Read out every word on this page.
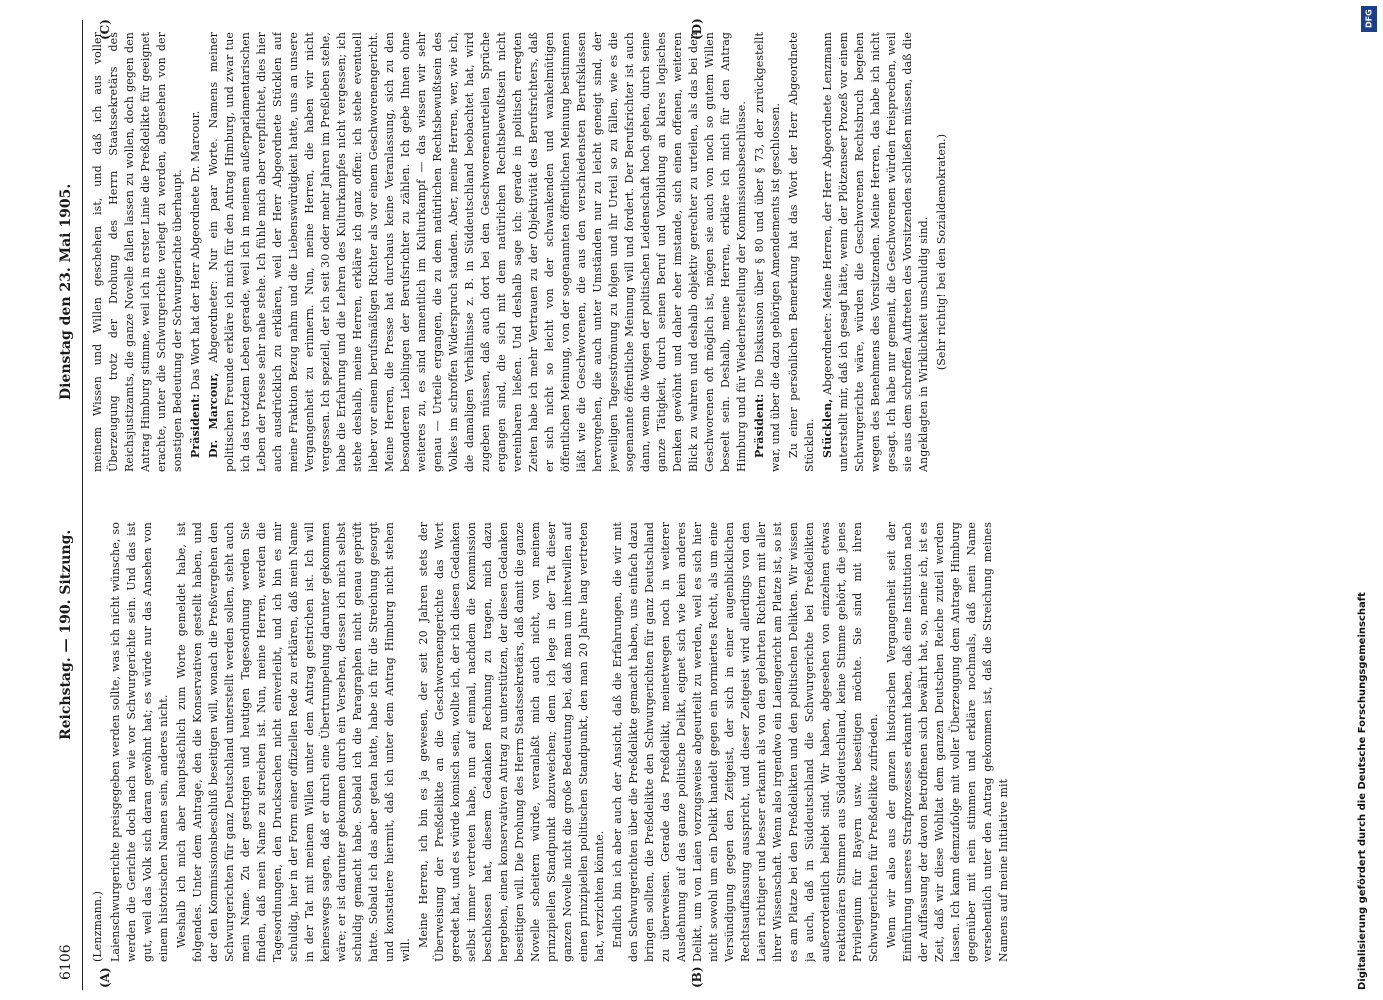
6106
Reichstag. — 190. Sitzung.
Dienstag den 23. Mai 1905.
(A)	(B)
(C)	(D)

(Lenzmann.) Laienschwurgerichte preisgegeben werden sollte, was ich nicht wünsche, so werden die Gerichte doch nach wie vor Schwurgerichte sein. Und das ist gut, weil das Volk sich daran gewöhnt hat; es würde nur das Ansehen von einem historischen Namen sein, anderes nicht. Weshalb ich mich aber hauptsächlich zum Worte gemeldet habe, ist folgendes. Unter dem Antrage, den die Konservativen gestellt haben, und der den Kommissionsbeschluß beseitigen will, wonach die Preßvergehen den Schwurgerichten für ganz Deutschland unterstellt werden sollen, steht auch mein Name. Zu der gestrigen und heutigen Tagesordnung werden Sie finden, daß mein Name zu streichen ist. Nun, meine Herren, werden die Tagesordnungen, den Drucksachen nicht einverleibt, und ich bin es mir schuldig, hier in der Form einer offiziellen Rede zu erklären, daß mein Name in der Tat mit meinem Willen unter dem Antrag gestrichen ist. Ich will keineswegs sagen, daß er durch eine Übertrumpelung darunter gekommen wäre; er ist darunter gekommen durch ein Versehen, dessen ich mich selbst schuldig gemacht habe. Sobald ich die Paragraphen nicht genau geprüft hatte. Sobald ich das aber getan hatte, habe ich für die Streichung gesorgt und konstatiere hiermit, daß ich unter dem Antrag Himburg nicht stehen will.

Meine Herren, ich bin es ja gewesen, der seit 20 Jahren stets der Überweisung der Preßdelikte an die Geschworenengerichte das Wort geredet hat, und es würde komisch sein, wollte ich, der ich diesen Gedanken selbst immer vertreten habe, nun auf einmal, nachdem die Kommission beschlossen hat, diesem Gedanken Rechnung zu tragen, mich dazu hergeben, einen konservativen Antrag zu unterstützen, der diesen Gedanken beseitigen will. Die Drohung des Herrn Staatssekretärs, daß damit die ganze Novelle scheitern würde, veranlaßt mich auch nicht, von meinem prinzipiellen Standpunkt abzuweichen; denn ich lege in der Tat dieser ganzen Novelle nicht die große Bedeutung bei, daß man um ihretwillen auf einen prinzipiellen politischen Standpunkt, den man 20 Jahre lang vertreten hat, verzichten könnte. Endlich bin ich aber auch der Ansicht, daß die Erfahrungen, die wir mit den Schwurgerichten über die Preßdelikte gemacht haben, uns einfach dazu bringen sollten, die Preßdelikte den Schwurgerichten für ganz Deutschland zu überweisen. Gerade das Preßdelikt, meinetwegen noch in weiterer Ausdehnung auf das ganze politische Delikt, eignet sich wie kein anderes Delikt, um von Laien vorzugsweise abgeurteilt zu werden, weil es sich hier nicht sowohl um ein Delikt handelt gegen ein normiertes Recht, als um eine Versündigung gegen den Zeitgeist, der sich in einer augenblicklichen Rechtsauffassung ausspricht, und dieser Zeitgeist wird allerdings von den Laien richtiger und besser erkannt als von den gelehrten Richtern mit aller ihrer Wissenschaft. Wenn also irgendwo ein Laiengericht am Platze ist, so ist es am Platze bei den Preßdelikten und den politischen Delikten. Wir wissen ja auch, daß in Süddeutschland die Schwurgerichte bei Preßdelikten außerordentlich beliebt sind. Wir haben, abgesehen von einzelnen etwas reaktionären Stimmen aus Süddeutschland, keine Stimme gehört, die jenes Privilegium für Bayern usw. beseitigen möchte. Sie sind mit ihren Schwurgerichten für Preßdelikte zufrieden. Wenn wir also aus der ganzen historischen Vergangenheit seit der Einführung unseres Strafprozesses erkannt haben, daß eine Institution nach der Auffassung der davon Betroffenen sich bewährt hat, so, meine ich, ist es Zeit, daß wir diese Wohltat dem ganzen Deutschen Reiche zuteil werden lassen. Ich kann demzufolge mit voller Überzeugung dem Antrage Himburg gegenüber mit nein stimmen und erkläre nochmals, daß mein Name versehentlich unter den Antrag gekommen ist, daß die Streichung meines Namens auf meine Initiative mit

meinem Wissen und Willen geschehen ist, und daß ich aus voller Überzeugung trotz der Drohung des Herrn Staatssekretärs des Reichsjustizamts, die ganze Novelle fallen lassen zu wollen, doch gegen den Antrag Himburg stimme, weil ich in erster Linie die Preßdelikte für geeignet erachte, unter die Schwurgerichte verlegt zu werden, abgesehen von der sonstigen Bedeutung der Schwurgerichte überhaupt. Präsident: Das Wort hat der Herr Abgeordnete Dr. Marcour.

Dr. Marcour, Abgeordneter: Nur ein paar Worte. Namens meiner politischen Freunde erkläre ich mich für den Antrag Himburg, und zwar tue ich das trotzdem Leben gerade, weil ich in meinem außerparlamentarischen Leben der Presse sehr nahe stehe. Ich fühle mich aber verpflichtet, dies hier auch ausdrücklich zu erklären, weil der Herr Abgeordnete Stücklen auf meine Fraktion Bezug nahm und die Liebenswürdigkeit hatte, uns an unsere Vergangenheit zu erinnern. Nun, meine Herren, die haben wir nicht vergessen. Ich speziell, der ich seit 30 oder mehr Jahren im Preßleben stehe, habe die Erfahrung und die Lehren des Kulturkampfes nicht vergessen; ich stehe deshalb, meine Herren, erkläre ich ganz offen: ich stehe eventuell lieber vor einem berufsmäßigen Richter als vor einem Geschworenengericht. Meine Herren, die Presse hat durchaus keine Veranlassung, sich zu den besonderen Lieblingen der Berufsrichter zu zählen. Ich gebe Ihnen ohne weiteres zu, es sind namentlich im Kulturkampf — das wissen wir sehr genau — Urteile ergangen, die zu dem natürlichen Rechtsbewußtsein des Volkes im schroffen Widerspruch standen. Aber, meine Herren, wer, wie ich, die damaligen Verhältnisse z. B. in Süddeutschland beobachtet hat, wird zugeben müssen, daß auch dort bei den Geschworenenurteilen Sprüche ergangen sind, die sich mit dem natürlichen Rechtsbewußtsein nicht vereinbaren ließen. Und deshalb sage ich: gerade in politisch erregten Zeiten habe ich mehr Vertrauen zu der Objektivität des Berufsrichters, daß er sich nicht so leicht von der schwankenden und wankelmütigen öffentlichen Meinung, von der sogenannten öffentlichen Meinung bestimmen läßt wie die Geschworenen, die aus den verschiedensten Berufsklassen hervorgehen, die auch unter Umständen nur zu leicht geneigt sind, der jeweiligen Tagesströmung zu folgen und ihr Urteil so zu fällen, wie es die sogenannte öffentliche Meinung will und fordert. Der Berufsrichter ist auch dann, wenn die Wogen der politischen Leidenschaft hoch gehen, durch seine ganze Tätigkeit, durch seinen Beruf und Vorbildung an klares logisches Denken gewöhnt und daher eher imstande, sich einen offenen, weiteren Blick zu wahren und deshalb objektiv gerechter zu urteilen, als das bei den Geschworenen oft möglich ist, mögen sie auch von noch so gutem Willen beseelt sein. Deshalb, meine Herren, erkläre ich mich für den Antrag Himburg und für Wiederherstellung der Kommissionsbeschlüsse. Präsident: Die Diskussion über § 80 und über § 73, der zurückgestellt war, und über die dazu gehörigen Amendements ist geschlossen. Zu einer persönlichen Bemerkung hat das Wort der Herr Abgeordnete Stücklen. Stücklen, Abgeordneter: Meine Herren, der Herr Abgeordnete Lenzmann unterstellt mir, daß ich gesagt hätte, wenn der Plötzenseer Prozeß vor einem Schwurgerichte wäre, würden die Geschworenen Rechtsbruch begehen wegen des Benehmens des Vorsitzenden. Meine Herren, das habe ich nicht gesagt. Ich habe nur gemeint, die Geschworenen würden freisprechen, weil sie aus dem schroffen Auftreten des Vorsitzenden schließen müssen, daß die Angeklagten in Wirklichkeit unschuldig sind. (Sehr richtig! bei den Sozialdemokraten.)

Digitalisierung gefördert durch die Deutsche Forschungsgemeinschaft
DFG
